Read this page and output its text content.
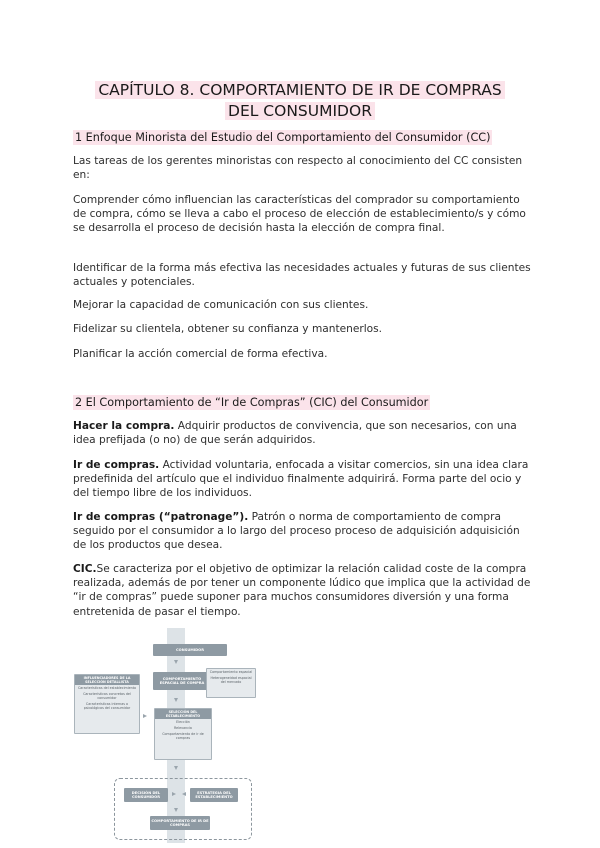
CAPÍTULO 8. COMPORTAMIENTO DE IR DE COMPRAS
DEL CONSUMIDOR
1 Enfoque Minorista del Estudio del Comportamiento del Consumidor (CC)
Las tareas de los gerentes minoristas con respecto al conocimiento del CC consisten en:
Comprender cómo influencian las características del comprador su comportamiento de compra, cómo se lleva a cabo el proceso de elección de establecimiento/s y cómo se desarrolla el proceso de decisión hasta la elección de compra final.
Identificar de la forma más efectiva las necesidades actuales y futuras de sus clientes actuales y potenciales.
Mejorar la capacidad de comunicación con sus clientes.
Fidelizar su clientela, obtener su confianza y mantenerlos.
Planificar la acción comercial de forma efectiva.
2 El Comportamiento de “Ir de Compras” (CIC) del Consumidor
Hacer la compra. Adquirir productos de convivencia, que son necesarios, con una idea prefijada (o no) de que serán adquiridos.
Ir de compras. Actividad voluntaria, enfocada a visitar comercios, sin una idea clara predefinida del artículo que el individuo finalmente adquirirá. Forma parte del ocio y del tiempo libre de los individuos.
Ir de compras (“patronage”). Patrón o norma de comportamiento de compra seguido por el consumidor a lo largo del proceso proceso de adquisición adquisición de los productos que desea.
CIC.Se caracteriza por el objetivo de optimizar la relación calidad coste de la compra realizada, además de por tener un componente lúdico que implica que la actividad de “ir de compras” puede suponer para muchos consumidores diversión y una forma entretenida de pasar el tiempo.
CONSUMIDOR
COMPORTAMIENTO ESPACIAL DE COMPRA
Comportamiento espacial
Heterogeneidad espacial del mercado
INFLUENCIADORES DE LA SELECCIÓN DETALLISTA
Características del establecimiento
Características concretas del consumidor
Características internas o psicológicas del consumidor
SELECCIÓN DEL ESTABLECIMIENTO
Elección
Relevancia
Comportamiento de ir de compras
DECISIÓN DEL CONSUMIDOR
ESTRATEGIA DEL ESTABLECIMIENTO
COMPORTAMIENTO DE IR DE COMPRAS
